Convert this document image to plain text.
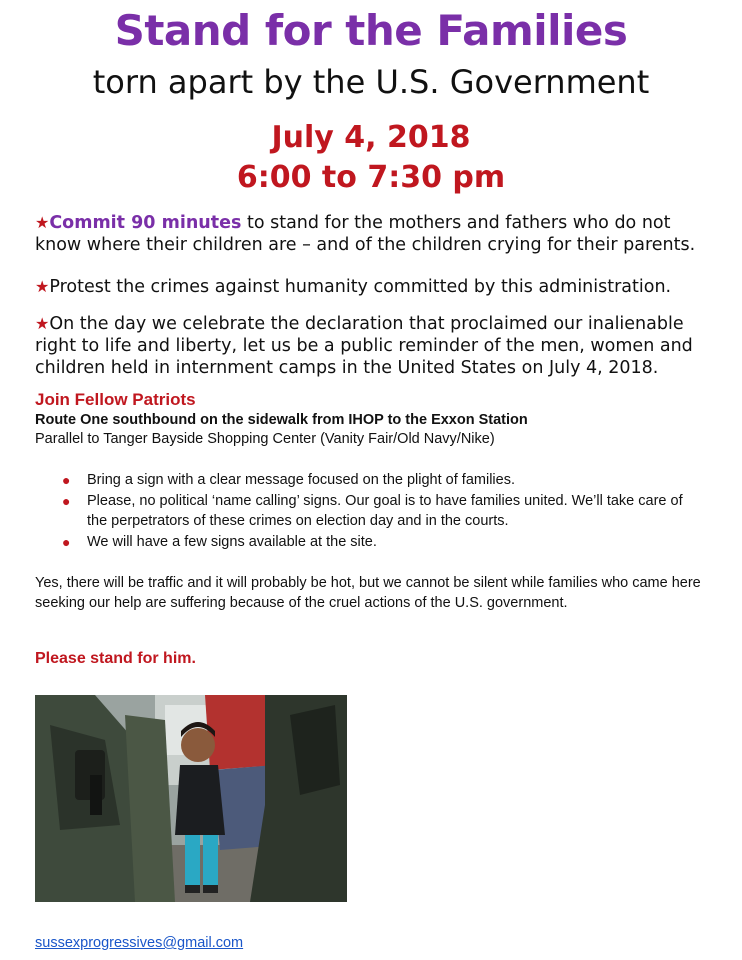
Stand for the Families
torn apart by the U.S. Government
July 4, 2018
6:00 to 7:30 pm
★Commit 90 minutes to stand for the mothers and fathers who do not know where their children are – and of the children crying for their parents.
★Protest the crimes against humanity committed by this administration.
★On the day we celebrate the declaration that proclaimed our inalienable right to life and liberty, let us be a public reminder of the men, women and children held in internment camps in the United States on July 4, 2018.
Join Fellow Patriots
Route One southbound on the sidewalk from IHOP to the Exxon Station
Parallel to Tanger Bayside Shopping Center (Vanity Fair/Old Navy/Nike)
● Bring a sign with a clear message focused on the plight of families.
● Please, no political ‘name calling’ signs. Our goal is to have families united. We’ll take care of the perpetrators of these crimes on election day and in the courts.
● We will have a few signs available at the site.
Yes, there will be traffic and it will probably be hot, but we cannot be silent while families who came here seeking our help are suffering because of the cruel actions of the U.S. government.
Please stand for him.
sussexprogressives@gmail.com
